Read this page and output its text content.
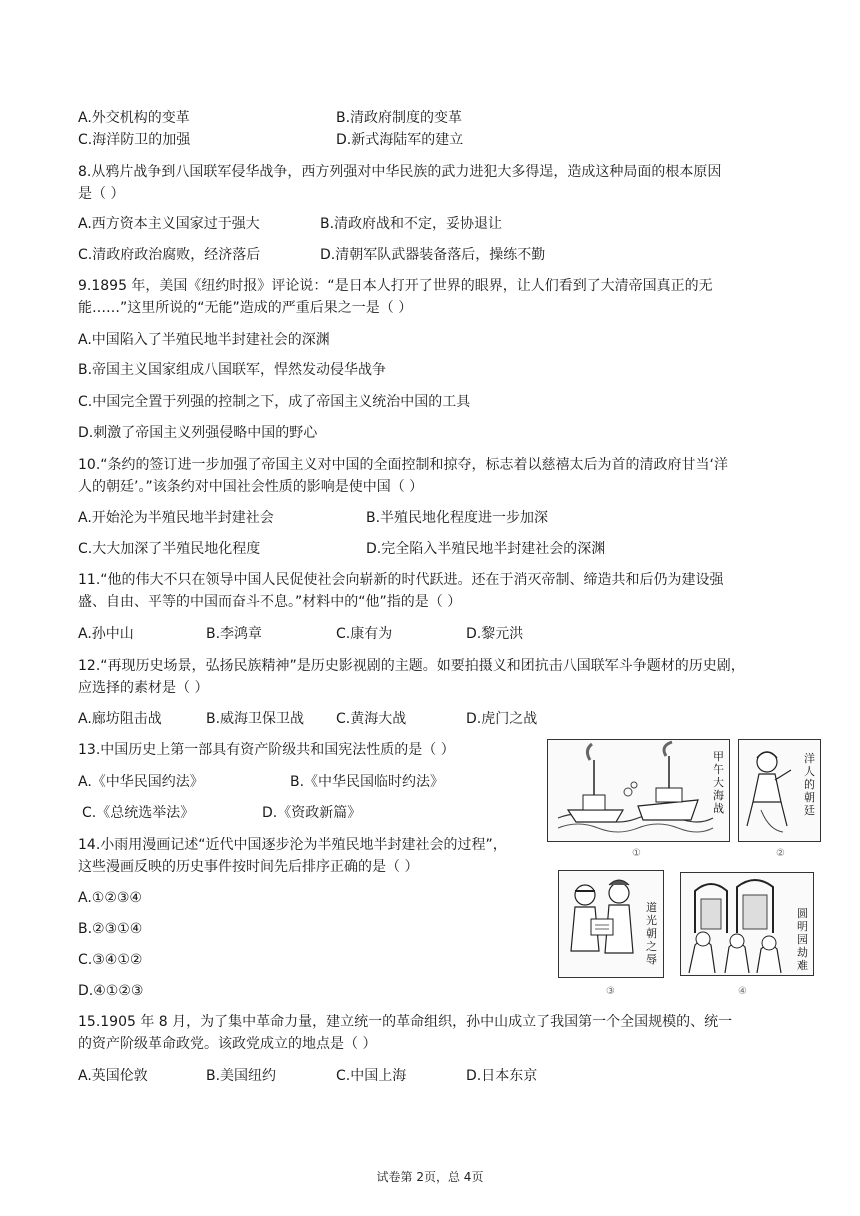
A.外交机构的变革	B.清政府制度的变革
C.海洋防卫的加强	D.新式海陆军的建立
8.从鸦片战争到八国联军侵华战争，西方列强对中华民族的武力进犯大多得逞，造成这种局面的根本原因
是（ ）
A.西方资本主义国家过于强大	B.清政府战和不定，妥协退让
C.清政府政治腐败，经济落后	D.清朝军队武器装备落后，操练不勤
9.1895 年，美国《纽约时报》评论说：“是日本人打开了世界的眼界，让人们看到了大清帝国真正的无
能……”这里所说的“无能”造成的严重后果之一是（ ）
A.中国陷入了半殖民地半封建社会的深渊
B.帝国主义国家组成八国联军，悍然发动侵华战争
C.中国完全置于列强的控制之下，成了帝国主义统治中国的工具
D.刺激了帝国主义列强侵略中国的野心
10.“条约的签订进一步加强了帝国主义对中国的全面控制和掠夺，标志着以慈禧太后为首的清政府甘当‘洋
人的朝廷’。”该条约对中国社会性质的影响是使中国（ ）
A.开始沦为半殖民地半封建社会	B.半殖民地化程度进一步加深
C.大大加深了半殖民地化程度	D.完全陷入半殖民地半封建社会的深渊
11.“他的伟大不只在领导中国人民促使社会向崭新的时代跃进。还在于消灭帝制、缔造共和后仍为建设强
盛、自由、平等的中国而奋斗不息。”材料中的“他”指的是（ ）
A.孙中山	B.李鸿章	C.康有为	D.黎元洪
12.“再现历史场景，弘扬民族精神”是历史影视剧的主题。如要拍摄义和团抗击八国联军斗争题材的历史剧，
应选择的素材是（ ）
A.廊坊阻击战	B.威海卫保卫战 C.黄海大战	D.虎门之战
13.中国历史上第一部具有资产阶级共和国宪法性质的是（ ）
A.《中华民国约法》	B.《中华民国临时约法》
C.《总统选举法》	D.《资政新篇》
14.小雨用漫画记述“近代中国逐步沦为半殖民地半封建社会的过程”，
这些漫画反映的历史事件按时间先后排序正确的是（ ）
A.①②③④
B.②③①④
C.③④①②
D.④①②③
甲午大海战
①
洋人的朝廷
②
道光朝之辱
③
圆明园劫难
④
15.1905 年 8 月，为了集中革命力量，建立统一的革命组织，孙中山成立了我国第一个全国规模的、统一
的资产阶级革命政党。该政党成立的地点是（ ）
A.英国伦敦	B.美国纽约	C.中国上海	D.日本东京
试卷第 2页，总 4页
